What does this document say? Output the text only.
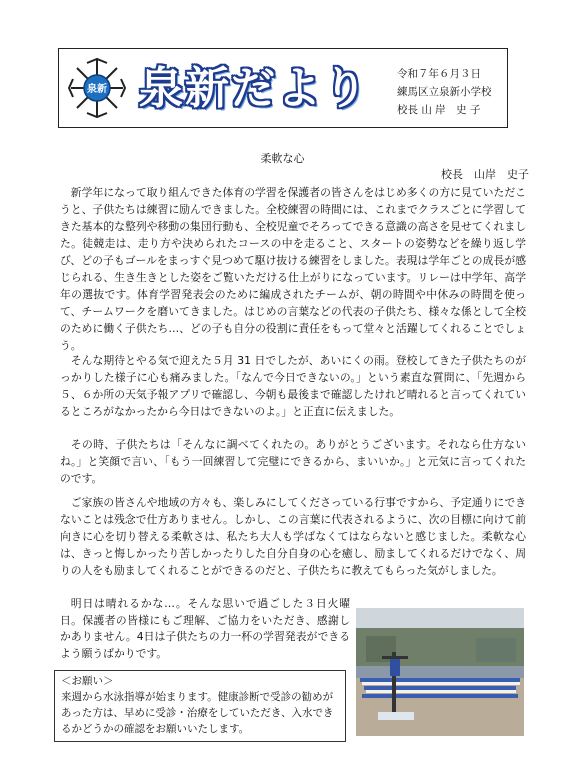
泉新 泉新だより	令和７年６月３日
練馬区立泉新小学校
校長 山 岸　史 子
柔軟な心
校長　山岸　史子

新学年になって取り組んできた体育の学習を保護者の皆さんをはじめ多くの方に見ていただこうと、子供たちは練習に励んできました。全校練習の時間には、これまでクラスごとに学習してきた基本的な整列や移動の集団行動も、全校児童でそろってできる意識の高さを見せてくれました。徒競走は、走り方や決められたコースの中を走ること、スタートの姿勢などを繰り返し学び、どの子もゴールをまっすぐ見つめて駆け抜ける練習をしました。表現は学年ごとの成長が感じられる、生き生きとした姿をご覧いただける仕上がりになっています。リレーは中学年、高学年の選抜です。体育学習発表会のために編成されたチームが、朝の時間や中休みの時間を使って、チームワークを磨いてきました。はじめの言葉などの代表の子供たち、様々な係として全校のために働く子供たち…、どの子も自分の役割に責任をもって堂々と活躍してくれることでしょう。

そんな期待とやる気で迎えた５月 31 日でしたが、あいにくの雨。登校してきた子供たちのがっかりした様子に心も痛みました。「なんで今日できないの。」という素直な質問に、「先週から５、６か所の天気予報アプリで確認し、今朝も最後まで確認したけれど晴れると言ってくれているところがなかったから今日はできないのよ。」と正直に伝えました。

その時、子供たちは「そんなに調べてくれたの。ありがとうございます。それなら仕方ないね。」と笑顔で言い、「もう一回練習して完璧にできるから、まいいか。」と元気に言ってくれたのです。

ご家族の皆さんや地域の方々も、楽しみにしてくださっている行事ですから、予定通りにできないことは残念で仕方ありません。しかし、この言葉に代表されるように、次の目標に向けて前向きに心を切り替える柔軟さは、私たち大人も学ばなくてはならないと感じました。柔軟な心は、きっと悔しかったり苦しかったりした自分自身の心を癒し、励ましてくれるだけでなく、周りの人をも励ましてくれることができるのだと、子供たちに教えてもらった気がしました。

明日は晴れるかな…。そんな思いで過ごした３日火曜日。保護者の皆様にもご理解、ご協力をいただき、感謝しかありません。4日は子供たちの力一杯の学習発表ができるよう願うばかりです。

＜お願い＞
来週から水泳指導が始まります。健康診断で受診の勧めがあった方は、早めに受診・治療をしていただき、入水できるかどうかの確認をお願いいたします。
